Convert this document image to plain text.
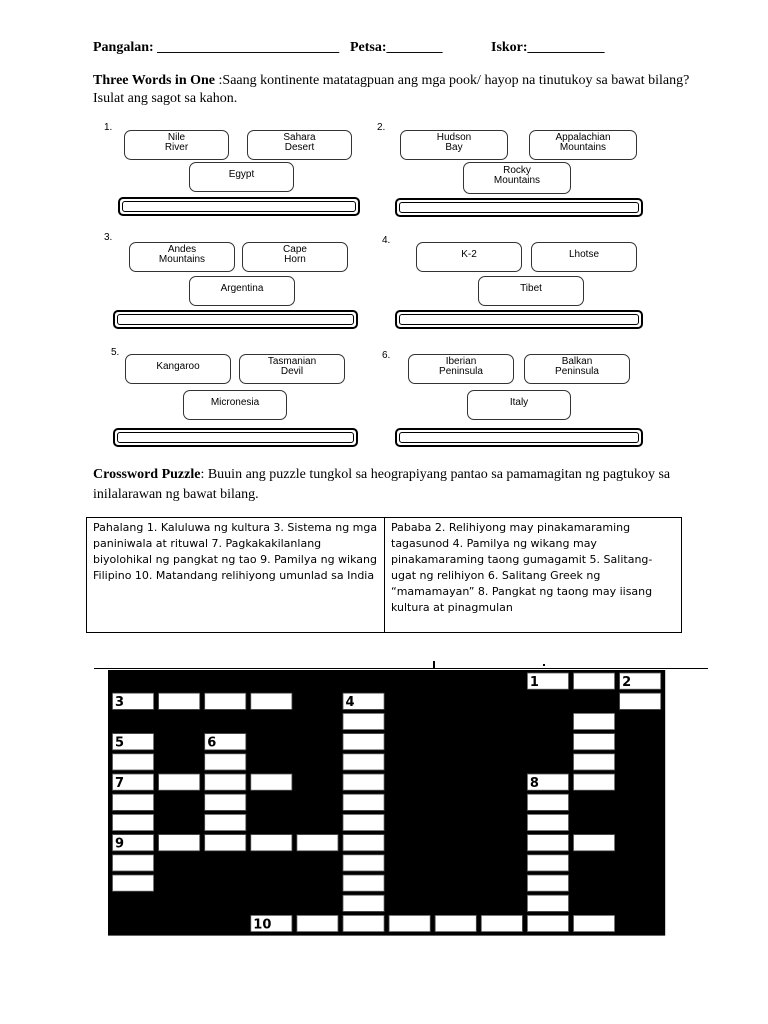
Pangalan: __________________________ Petsa:________	Iskor:___________
Three Words in One :Saang kontinente matatagpuan ang mga pook/ hayop na tinutukoy sa bawat bilang? Isulat ang sagot sa kahon.
1.
Nile
River
Sahara
Desert
Egypt
2.
Hudson
Bay
Appalachian
Mountains
Rocky
Mountains
3.
Andes
Mountains
Cape
Horn
Argentina
4.
K-2	Lhotse
Tibet
5.
Kangaroo	Tasmanian
Devil
Micronesia
6.
Iberian
Peninsula
Balkan
Peninsula
Italy
Crossword Puzzle: Buuin ang puzzle tungkol sa heograpiyang pantao sa pamamagitan ng pagtukoy sa inilalarawan ng bawat bilang.
Pahalang 1. Kaluluwa ng kultura 3. Sistema ng mga paniniwala at rituwal 7. Pagkakakilanlang biyolohikal ng pangkat ng tao 9. Pamilya ng wikang Filipino 10. Matandang relihiyong umunlad sa India
Pababa 2. Relihiyong may pinakamaraming tagasunod 4. Pamilya ng wikang may pinakamaraming taong gumagamit 5. Salitang-ugat ng relihiyon 6. Salitang Greek ng “mamamayan” 8. Pangkat ng taong may iisang kultura at pinagmulan
1	2
3	4
5	6
7	8
9
10
